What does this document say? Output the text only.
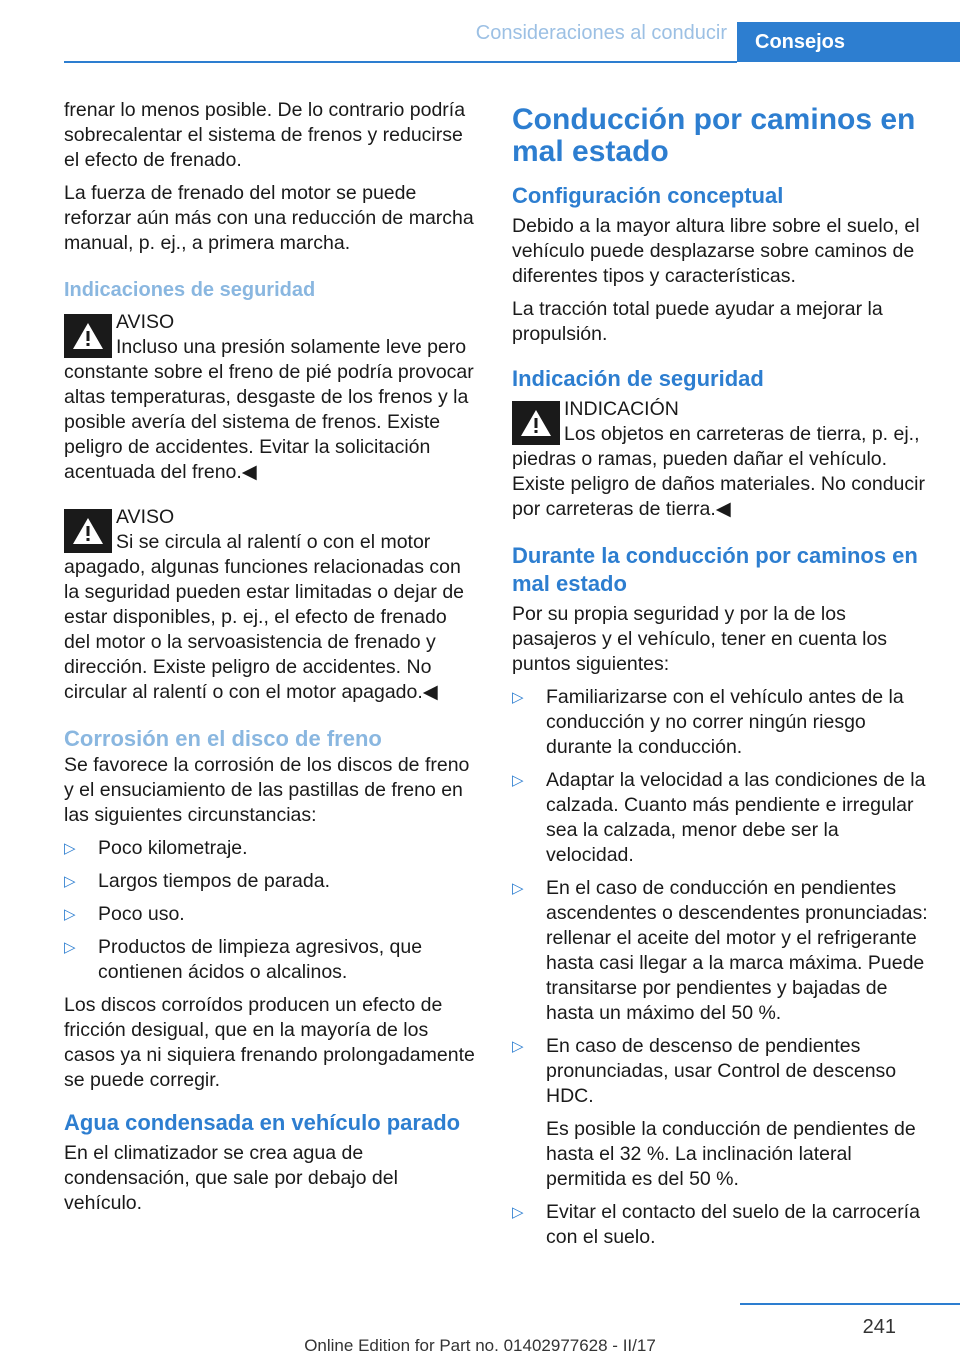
Consideraciones al conducir	Consejos

frenar lo menos posible. De lo contrario podría sobrecalentar el sistema de frenos y reducirse el efecto de frenado.

La fuerza de frenado del motor se puede reforzar aún más con una reducción de marcha manual, p. ej., a primera marcha.

Indicaciones de seguridad
AVISO
Incluso una presión solamente leve pero constante sobre el freno de pié podría provocar altas temperaturas, desgaste de los frenos y la posible avería del sistema de frenos. Existe peligro de accidentes. Evitar la solicitación acentuada del freno.◀
AVISO
Si se circula al ralentí o con el motor apagado, algunas funciones relacionadas con la seguridad pueden estar limitadas o dejar de estar disponibles, p. ej., el efecto de frenado del motor o la servoasistencia de frenado y dirección. Existe peligro de accidentes. No circular al ralentí o con el motor apagado.◀
Corrosión en el disco de freno

Se favorece la corrosión de los discos de freno y el ensuciamiento de las pastillas de freno en las siguientes circunstancias:

▷ Poco kilometraje.
▷ Largos tiempos de parada.
▷ Poco uso.
▷ Productos de limpieza agresivos, que contienen ácidos o alcalinos.

Los discos corroídos producen un efecto de fricción desigual, que en la mayoría de los casos ya ni siquiera frenando prolongadamente se puede corregir.

Agua condensada en vehículo parado

En el climatizador se crea agua de condensación, que sale por debajo del vehículo.

Conducción por caminos en mal estado
Configuración conceptual

Debido a la mayor altura libre sobre el suelo, el vehículo puede desplazarse sobre caminos de diferentes tipos y características.

La tracción total puede ayudar a mejorar la propulsión.

Indicación de seguridad
INDICACIÓN
Los objetos en carreteras de tierra, p. ej., piedras o ramas, pueden dañar el vehículo. Existe peligro de daños materiales. No conducir por carreteras de tierra.◀
Durante la conducción por caminos en mal estado

Por su propia seguridad y por la de los pasajeros y el vehículo, tener en cuenta los puntos siguientes:

▷ Familiarizarse con el vehículo antes de la conducción y no correr ningún riesgo durante la conducción.
▷ Adaptar la velocidad a las condiciones de la calzada. Cuanto más pendiente e irregular sea la calzada, menor debe ser la velocidad.
▷ En el caso de conducción en pendientes ascendentes o descendentes pronunciadas: rellenar el aceite del motor y el refrigerante hasta casi llegar a la marca máxima. Puede transitarse por pendientes y bajadas de hasta un máximo del 50 %.
▷ En caso de descenso de pendientes pronunciadas, usar Control de descenso HDC.

Es posible la conducción de pendientes de hasta el 32 %. La inclinación lateral permitida es del 50 %.

▷ Evitar el contacto del suelo de la carrocería con el suelo.
241
Online Edition for Part no. 01402977628 - II/17
